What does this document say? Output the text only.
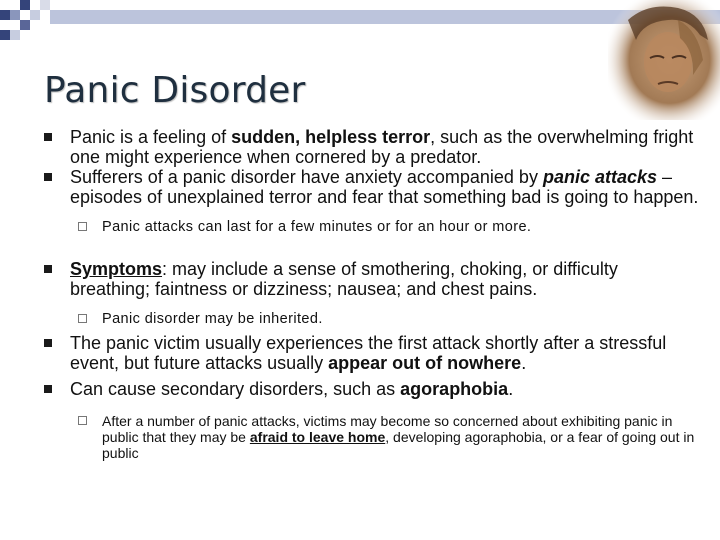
Panic Disorder
Panic is a feeling of sudden, helpless terror, such as the overwhelming fright one might experience when cornered by a predator.
Sufferers of a panic disorder have anxiety accompanied by panic attacks – episodes of unexplained terror and fear that something bad is going to happen.
Panic attacks can last for a few minutes or for an hour or more.
Symptoms: may include a sense of smothering, choking, or difficulty breathing; faintness or dizziness; nausea; and chest pains.
Panic disorder may be inherited.
The panic victim usually experiences the first attack shortly after a stressful event, but future attacks usually appear out of nowhere.
Can cause secondary disorders, such as agoraphobia.
After a number of panic attacks, victims may become so concerned about exhibiting panic in public that they may be afraid to leave home, developing agoraphobia, or a fear of going out in public
